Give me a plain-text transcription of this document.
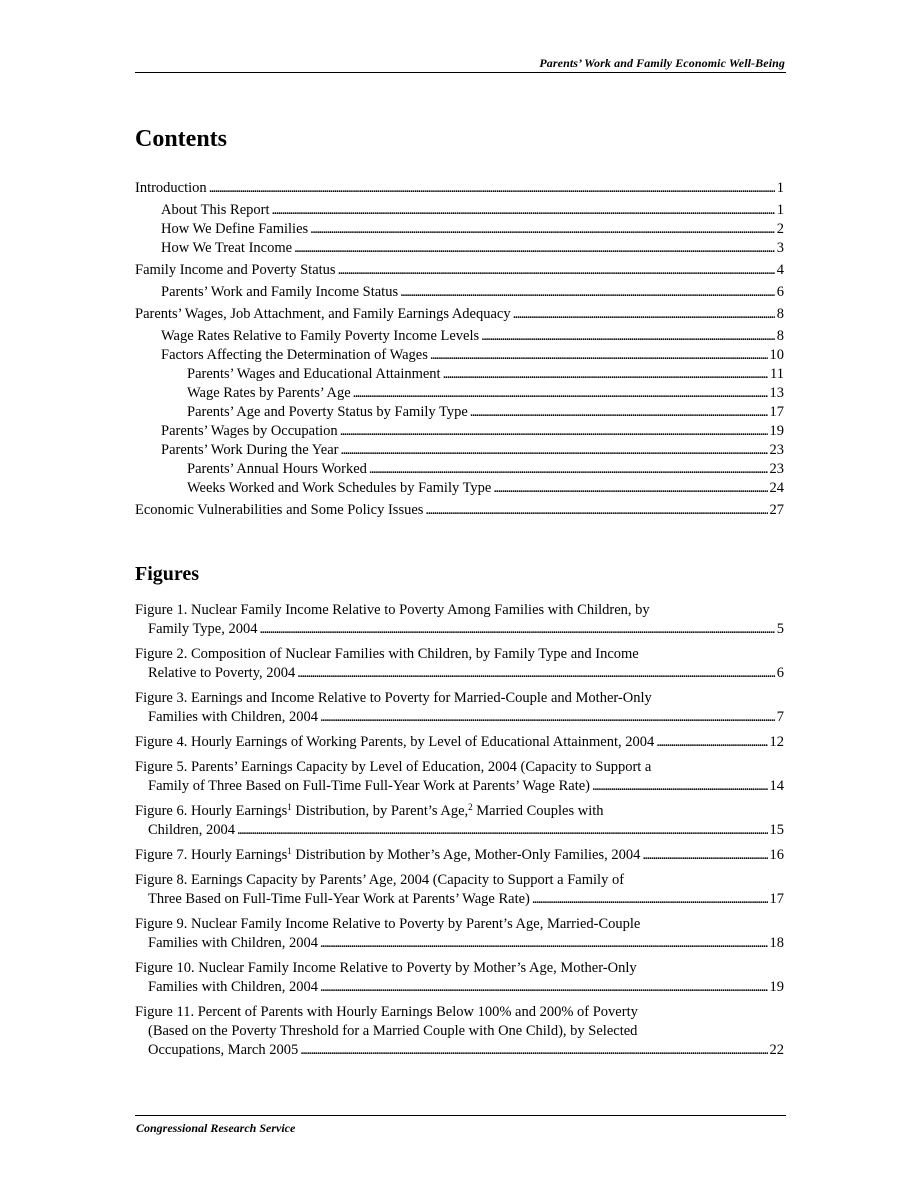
Parents’ Work and Family Economic Well-Being
Contents
Introduction . . .	1
About This Report . . .	1
How We Define Families . . .	2
How We Treat Income . . .	3
Family Income and Poverty Status . . .	4
Parents’ Work and Family Income Status . . .	6
Parents’ Wages, Job Attachment, and Family Earnings Adequacy . . .	8
Wage Rates Relative to Family Poverty Income Levels . . .	8
Factors Affecting the Determination of Wages . . .	10
Parents’ Wages and Educational Attainment . . .	11
Wage Rates by Parents’ Age . . .	13
Parents’ Age and Poverty Status by Family Type . . .	17
Parents’ Wages by Occupation . . .	19
Parents’ Work During the Year . . .	23
Parents’ Annual Hours Worked . . .	23
Weeks Worked and Work Schedules by Family Type . . .	24
Economic Vulnerabilities and Some Policy Issues . . .	27
Figures
Figure 1. Nuclear Family Income Relative to Poverty Among Families with Children, by
Family Type, 2004 . . .	5
Figure 2. Composition of Nuclear Families with Children, by Family Type and Income
Relative to Poverty, 2004 . . .	6
Figure 3. Earnings and Income Relative to Poverty for Married-Couple and Mother-Only
Families with Children, 2004 . . .	7
Figure 4. Hourly Earnings of Working Parents, by Level of Educational Attainment, 2004 . . .	12
Figure 5. Parents’ Earnings Capacity by Level of Education, 2004 (Capacity to Support a
Family of Three Based on Full-Time Full-Year Work at Parents’ Wage Rate) . . .	14
Figure 6. Hourly Earnings$^1$ Distribution, by Parent’s Age,$^2$ Married Couples with
Children, 2004 . . .	15
Figure 7. Hourly Earnings$^1$ Distribution by Mother’s Age, Mother-Only Families, 2004 . . .	16
Figure 8. Earnings Capacity by Parents’ Age, 2004 (Capacity to Support a Family of
Three Based on Full-Time Full-Year Work at Parents’ Wage Rate) . . .	17
Figure 9. Nuclear Family Income Relative to Poverty by Parent’s Age, Married-Couple
Families with Children, 2004 . . .	18
Figure 10. Nuclear Family Income Relative to Poverty by Mother’s Age, Mother-Only
Families with Children, 2004 . . .	19
Figure 11. Percent of Parents with Hourly Earnings Below 100% and 200% of Poverty
(Based on the Poverty Threshold for a Married Couple with One Child), by Selected
Occupations, March 2005 . . .	22
Congressional Research Service
